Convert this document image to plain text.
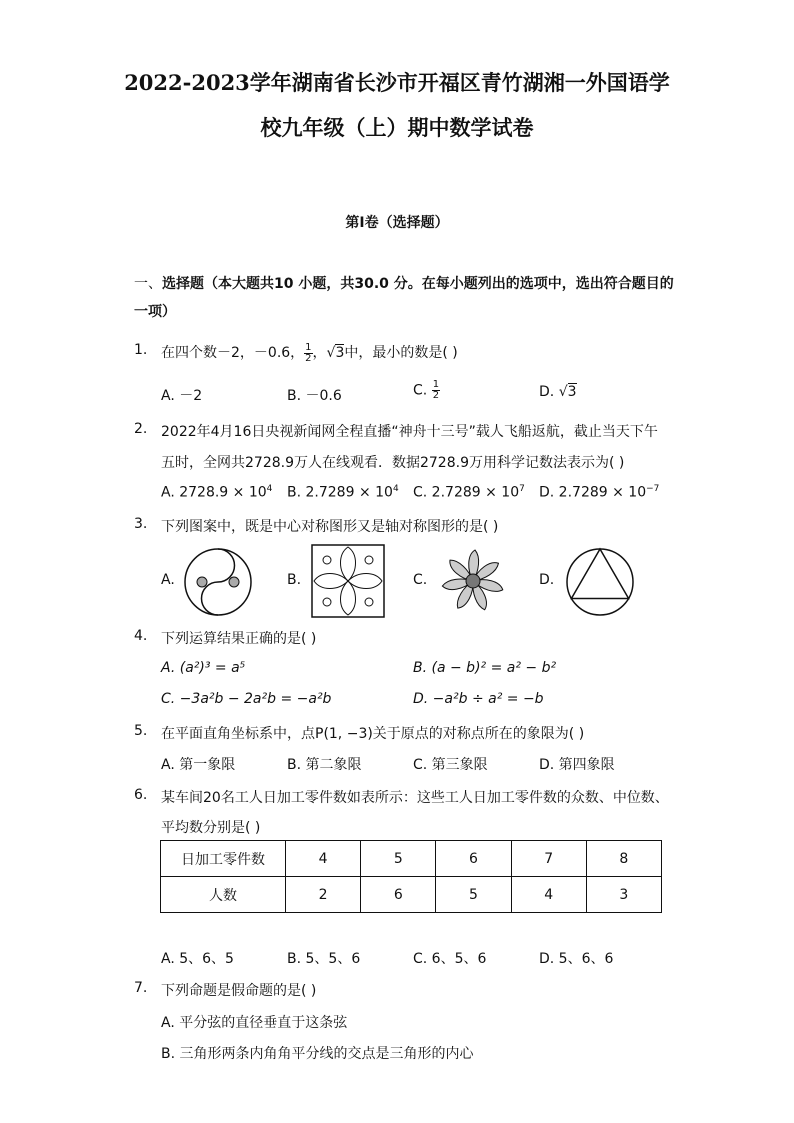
2022-2023学年湖南省长沙市开福区青竹湖湘一外国语学
校九年级（上）期中数学试卷
第I卷（选择题）
一、选择题（本大题共10 小题，共30.0 分。在每小题列出的选项中，选出符合题目的一项）
1. 在四个数－2，－0.6， $\frac{1}{2}$ ，√3中，最小的数是( )
A. －2	B. －0.6	C. $\frac{1}{2}$	D. √3
2. 2022年4月16日央视新闻网全程直播“神舟十三号”载人飞船返航，截止当天下午
五时，全网共2728.9万人在线观看．数据2728.9万用科学记数法表示为( )
A. $2728.9 \times 10^4$ B. $2.7289 \times 10^4$ C. $2.7289 \times 10^7$ D. $2.7289 \times 10^{-7}$
3. 下列图案中，既是中心对称图形又是轴对称图形的是( )
A.	B.	C.	D.
4. 下列运算结果正确的是( )
A. (a²)³ = a⁵	B. (a − b)² = a² − b²
C. −3a²b − 2a²b = −a²b	D. −a²b ÷ a² = −b
5. 在平面直角坐标系中，点P(1, −3)关于原点的对称点所在的象限为( )
A. 第一象限	B. 第二象限	C. 第三象限	D. 第四象限
6. 某车间20名工人日加工零件数如表所示：这些工人日加工零件数的众数、中位数、
平均数分别是( )
日加工零件数	4	5	6	7	8
人数	2	6	5	4	3
A. 5、6、5	B. 5、5、6	C. 6、5、6	D. 5、6、6
7. 下列命题是假命题的是( )
A. 平分弦的直径垂直于这条弦
B. 三角形两条内角角平分线的交点是三角形的内心
